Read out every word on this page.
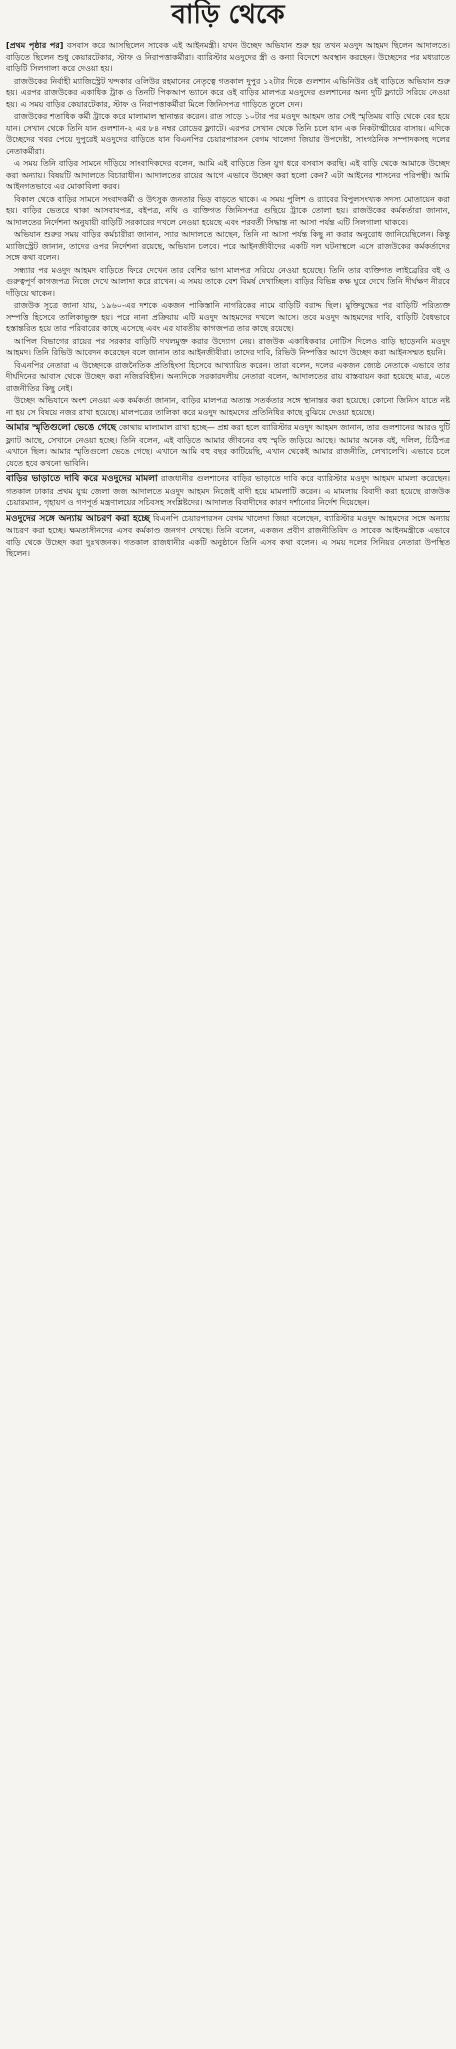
বাড়ি থেকে

[প্রথম পৃষ্ঠার পর] বসবাস করে আসছিলেন সাবেক এই আইনমন্ত্রী। যখন উচ্ছেদ অভিযান শুরু হয় তখন মওদুদ আহমদ ছিলেন আদালতে। বাড়িতে ছিলেন শুধু কেয়ারটেকার, স্টাফ ও নিরাপত্তাকর্মীরা। ব্যারিস্টার মওদুদের স্ত্রী ও কন্যা বিদেশে অবস্থান করছেন। উচ্ছেদের পর মধ্যরাতে বাড়িটি সিলগালা করে দেওয়া হয়।

রাজউকের নির্বাহী ম্যাজিস্ট্রেট খন্দকার ওলিউর রহমানের নেতৃত্বে গতকাল দুপুর ১২টার দিকে গুলশান এভিনিউর ওই বাড়িতে অভিযান শুরু হয়। এরপর রাজউকের একাধিক ট্রাক ও তিনটি পিকআপ ভ্যানে করে ওই বাড়ির মালপত্র মওদুদের গুলশানের অন্য দুটি ফ্ল্যাটে সরিয়ে নেওয়া হয়। এ সময় বাড়ির কেয়ারটেকার, স্টাফ ও নিরাপত্তাকর্মীরা মিলে জিনিসপত্র গাড়িতে তুলে দেন।

রাজউকের শতাধিক কর্মী ট্রাকে করে মালামাল স্থানান্তর করেন। রাত সাড়ে ১০টার পর মওদুদ আহমদ তার সেই স্মৃতিময় বাড়ি থেকে বের হয়ে যান। সেখান থেকে তিনি যান গুলশান-২ এর ৮৪ নম্বর রোডের ফ্ল্যাটে। এরপর সেখান থেকে তিনি চলে যান এক নিকটাত্মীয়ের বাসায়। এদিকে উচ্ছেদের খবর পেয়ে দুপুরেই মওদুদের বাড়িতে যান বিএনপির চেয়ারপারসন বেগম খালেদা জিয়ার উপদেষ্টা, সাংগঠনিক সম্পাদকসহ দলের নেতাকর্মীরা।

এ সময় তিনি বাড়ির সামনে দাঁড়িয়ে সাংবাদিকদের বলেন, আমি এই বাড়িতে তিন যুগ ধরে বসবাস করছি। এই বাড়ি থেকে আমাকে উচ্ছেদ করা অন্যায়। বিষয়টি আদালতে বিচারাধীন। আদালতের রায়ের আগে এভাবে উচ্ছেদ করা হলো কেন? এটা আইনের শাসনের পরিপন্থী। আমি আইনগতভাবে এর মোকাবিলা করব।

বিকাল থেকে বাড়ির সামনে সংবাদকর্মী ও উৎসুক জনতার ভিড় বাড়তে থাকে। এ সময় পুলিশ ও র‌্যাবের বিপুলসংখ্যক সদস্য মোতায়েন করা হয়। বাড়ির ভেতরে থাকা আসবাবপত্র, বইপত্র, নথি ও ব্যক্তিগত জিনিসপত্র গুছিয়ে ট্রাকে তোলা হয়। রাজউকের কর্মকর্তারা জানান, আদালতের নির্দেশনা অনুযায়ী বাড়িটি সরকারের দখলে নেওয়া হয়েছে এবং পরবর্তী সিদ্ধান্ত না আসা পর্যন্ত এটি সিলগালা থাকবে।

অভিযান শুরুর সময় বাড়ির কর্মচারীরা জানান, স্যার আদালতে আছেন, তিনি না আসা পর্যন্ত কিছু না করার অনুরোধ জানিয়েছিলেন। কিন্তু ম্যাজিস্ট্রেট জানান, তাদের ওপর নির্দেশনা রয়েছে, অভিযান চলবে। পরে আইনজীবীদের একটি দল ঘটনাস্থলে এসে রাজউকের কর্মকর্তাদের সঙ্গে কথা বলেন।

সন্ধ্যার পর মওদুদ আহমদ বাড়িতে ফিরে দেখেন তার বেশির ভাগ মালপত্র সরিয়ে নেওয়া হয়েছে। তিনি তার ব্যক্তিগত লাইব্রেরির বই ও গুরুত্বপূর্ণ কাগজপত্র নিজে দেখে আলাদা করে রাখেন। এ সময় তাকে বেশ বিমর্ষ দেখাচ্ছিল। বাড়ির বিভিন্ন কক্ষ ঘুরে দেখে তিনি দীর্ঘক্ষণ নীরবে দাঁড়িয়ে থাকেন।

রাজউক সূত্রে জানা যায়, ১৯৬০-এর দশকে একজন পাকিস্তানি নাগরিকের নামে বাড়িটি বরাদ্দ ছিল। মুক্তিযুদ্ধের পর বাড়িটি পরিত্যক্ত সম্পত্তি হিসেবে তালিকাভুক্ত হয়। পরে নানা প্রক্রিয়ায় এটি মওদুদ আহমদের দখলে আসে। তবে মওদুদ আহমদের দাবি, বাড়িটি বৈধভাবে হস্তান্তরিত হয়ে তার পরিবারের কাছে এসেছে এবং এর যাবতীয় কাগজপত্র তার কাছে রয়েছে।

আপিল বিভাগের রায়ের পর সরকার বাড়িটি দখলমুক্ত করার উদ্যোগ নেয়। রাজউক একাধিকবার নোটিস দিলেও বাড়ি ছাড়েননি মওদুদ আহমদ। তিনি রিভিউ আবেদন করেছেন বলে জানান তার আইনজীবীরা। তাদের দাবি, রিভিউ নিষ্পত্তির আগে উচ্ছেদ করা আইনসম্মত হয়নি।

বিএনপির নেতারা এ উচ্ছেদকে রাজনৈতিক প্রতিহিংসা হিসেবে আখ্যায়িত করেন। তারা বলেন, দলের একজন জ্যেষ্ঠ নেতাকে এভাবে তার দীর্ঘদিনের আবাস থেকে উচ্ছেদ করা নজিরবিহীন। অন্যদিকে সরকারদলীয় নেতারা বলেন, আদালতের রায় বাস্তবায়ন করা হয়েছে মাত্র, এতে রাজনীতির কিছু নেই।

উচ্ছেদ অভিযানে অংশ নেওয়া এক কর্মকর্তা জানান, বাড়ির মালপত্র অত্যন্ত সতর্কতার সঙ্গে স্থানান্তর করা হয়েছে। কোনো জিনিস যাতে নষ্ট না হয় সে বিষয়ে নজর রাখা হয়েছে। মালপত্রের তালিকা করে মওদুদ আহমদের প্রতিনিধির কাছে বুঝিয়ে দেওয়া হয়েছে।

আমার স্মৃতিগুলো ভেঙে গেছে কোথায় মালামাল রাখা হচ্ছে— প্রশ্ন করা হলে ব্যারিস্টার মওদুদ আহমদ জানান, তার গুলশানের আরও দুটি ফ্ল্যাট আছে, সেখানে নেওয়া হচ্ছে। তিনি বলেন, এই বাড়িতে আমার জীবনের বহু স্মৃতি জড়িয়ে আছে। আমার অনেক বই, দলিল, চিঠিপত্র এখানে ছিল। আমার স্মৃতিগুলো ভেঙে গেছে। এখানে আমি বহু বছর কাটিয়েছি, এখান থেকেই আমার রাজনীতি, লেখালেখি। এভাবে চলে যেতে হবে কখনো ভাবিনি।

বাড়ির ভাড়াতে দাবি করে মওদুদের মামলা রাজধানীর গুলশানের বাড়ির ভাড়াতে দাবি করে ব্যারিস্টার মওদুদ আহমদ মামলা করেছেন। গতকাল ঢাকার প্রথম যুগ্ম জেলা জজ আদালতে মওদুদ আহমদ নিজেই বাদী হয়ে মামলাটি করেন। এ মামলায় বিবাদী করা হয়েছে রাজউক চেয়ারম্যান, গৃহায়ণ ও গণপূর্ত মন্ত্রণালয়ের সচিবসহ সংশ্লিষ্টদের। আদালত বিবাদীদের কারণ দর্শানোর নির্দেশ দিয়েছেন।

মওদুদের সঙ্গে অন্যায় আচরণ করা হচ্ছে বিএনপি চেয়ারপারসন বেগম খালেদা জিয়া বলেছেন, ব্যারিস্টার মওদুদ আহমদের সঙ্গে অন্যায় আচরণ করা হচ্ছে। ক্ষমতাসীনদের এসব কর্মকাণ্ড জনগণ দেখছে। তিনি বলেন, একজন প্রবীণ রাজনীতিবিদ ও সাবেক আইনমন্ত্রীকে এভাবে বাড়ি থেকে উচ্ছেদ করা দুঃখজনক। গতকাল রাজধানীর একটি অনুষ্ঠানে তিনি এসব কথা বলেন। এ সময় দলের সিনিয়র নেতারা উপস্থিত ছিলেন।
